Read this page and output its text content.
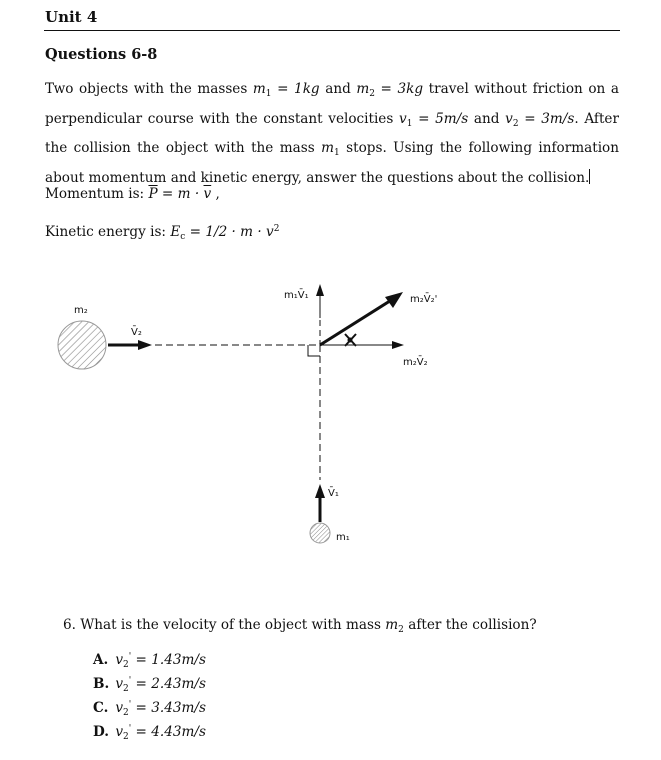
Unit 4
Questions 6-8
Two objects with the masses $m_1 = 1kg$ and $m_2 = 3kg$ travel without friction on a perpendicular course with the constant velocities $v_1 = 5m/s$ and $v_2 = 3m/s$. After the collision the object with the mass $m_1$ stops. Using the following information about momentum and kinetic energy, answer the questions about the collision.
Momentum is: $\overline{P} = m \cdot \overline{v}$ ,
Kinetic energy is: $E_c = 1/2 \cdot m \cdot v^2$
m₂
V̄₂
m₁V̄₁
m₂V̄₂
m₂V̄₂'
V̄₁
m₁
6. What is the velocity of the object with mass $m_2$ after the collision?
A. $v_2' = 1.43m/s$
B. $v_2' = 2.43m/s$
C. $v_2' = 3.43m/s$
D. $v_2' = 4.43m/s$
